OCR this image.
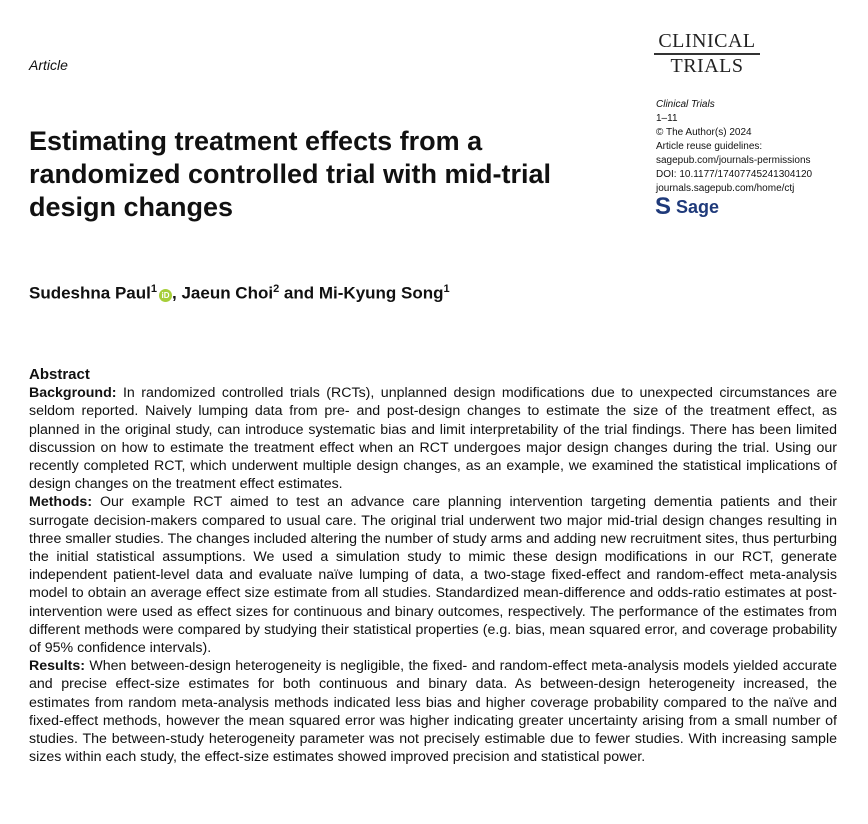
Article
CLINICAL
TRIALS
Clinical Trials
1–11
© The Author(s) 2024
Article reuse guidelines:
sagepub.com/journals-permissions
DOI: 10.1177/17407745241304120
journals.sagepub.com/home/ctj
S Sage
Estimating treatment effects from a randomized controlled trial with mid-trial design changes
Sudeshna Paul$^1$iD , Jaeun Choi$^2$ and Mi-Kyung Song$^1$
Abstract

Background: In randomized controlled trials (RCTs), unplanned design modifications due to unexpected circumstances are seldom reported. Naively lumping data from pre- and post-design changes to estimate the size of the treatment effect, as planned in the original study, can introduce systematic bias and limit interpretability of the trial findings. There has been limited discussion on how to estimate the treatment effect when an RCT undergoes major design changes during the trial. Using our recently completed RCT, which underwent multiple design changes, as an example, we examined the statistical implications of design changes on the treatment effect estimates.

Methods: Our example RCT aimed to test an advance care planning intervention targeting dementia patients and their surrogate decision-makers compared to usual care. The original trial underwent two major mid-trial design changes resulting in three smaller studies. The changes included altering the number of study arms and adding new recruitment sites, thus perturbing the initial statistical assumptions. We used a simulation study to mimic these design modifications in our RCT, generate independent patient-level data and evaluate naïve lumping of data, a two-stage fixed-effect and random-effect meta-analysis model to obtain an average effect size estimate from all studies. Standardized mean-difference and odds-ratio estimates at post-intervention were used as effect sizes for continuous and binary outcomes, respectively. The performance of the estimates from different methods were compared by studying their statistical properties (e.g. bias, mean squared error, and coverage probability of 95% confidence intervals).

Results: When between-design heterogeneity is negligible, the fixed- and random-effect meta-analysis models yielded accurate and precise effect-size estimates for both continuous and binary data. As between-design heterogeneity increased, the estimates from random meta-analysis methods indicated less bias and higher coverage probability compared to the naïve and fixed-effect methods, however the mean squared error was higher indicating greater uncertainty arising from a small number of studies. The between-study heterogeneity parameter was not precisely estimable due to fewer studies. With increasing sample sizes within each study, the effect-size estimates showed improved precision and statistical power.
